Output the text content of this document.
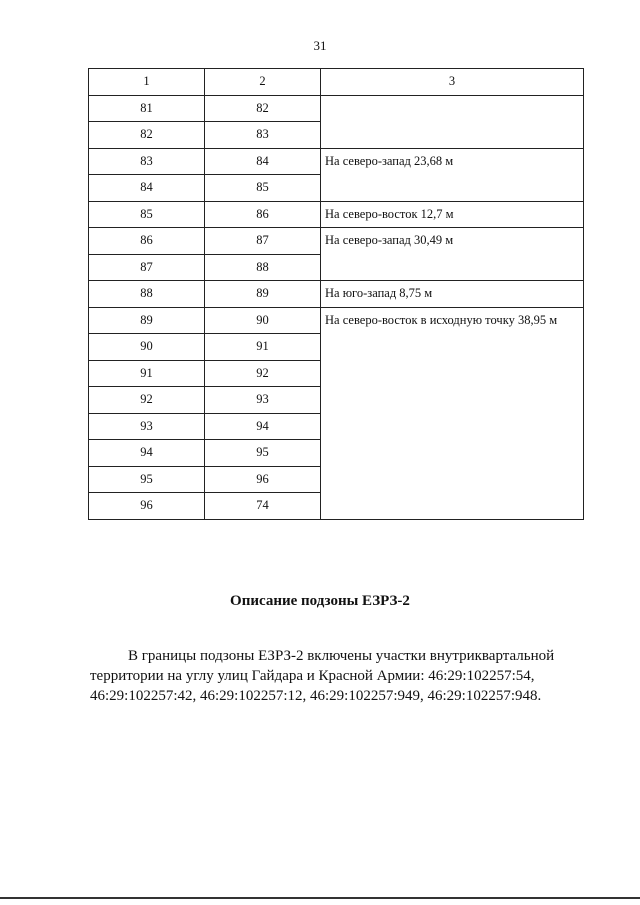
31
1	2	3
81	82	
82	83	
83	84	На северо-запад 23,68 м
84	85	
85	86	На северо-восток 12,7 м
86	87	На северо-запад 30,49 м
87	88	
88	89	На юго-запад 8,75 м
89	90	На северо-восток в исходную точку 38,95 м
90	91	
91	92	
92	93	
93	94	
94	95	
95	96	
96	74	
Описание подзоны ЕЗРЗ-2
В границы подзоны ЕЗРЗ-2 включены участки внутриквартальной
территории на углу улиц Гайдара и Красной Армии: 46:29:102257:54,
46:29:102257:42, 46:29:102257:12, 46:29:102257:949, 46:29:102257:948.
